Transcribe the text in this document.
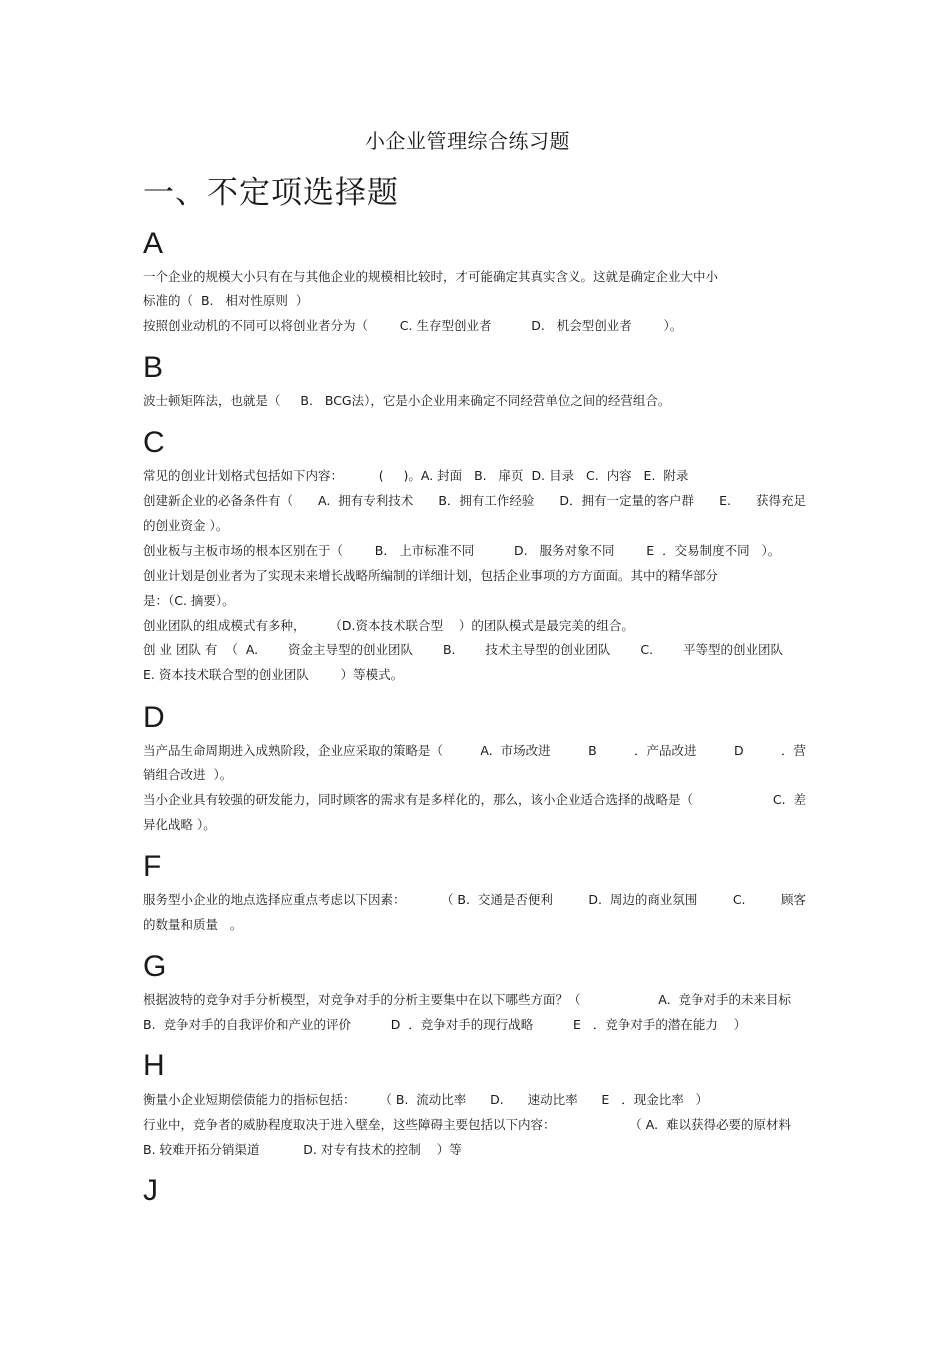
小企业管理综合练习题
一、不定项选择题
A
一个企业的规模大小只有在与其他企业的规模相比较时，才可能确定其真实含义。这就是确定企业大中小
标准的（  B.   相对性原则  ）
按照创业动机的不同可以将创业者分为（        C. 生存型创业者          D.   机会型创业者        ）。
B
波士顿矩阵法，也就是（     B.   BCG法），它是小企业用来确定不同经营单位之间的经营组合。
C
常见的创业计划格式包括如下内容：         (     )。A. 封面   B.   扉页  D. 目录   C.  内容   E.  附录
创建新企业的必备条件有（ A.  拥有专利技术 B．拥有工作经验 D．拥有一定量的客户群 E. 获得充足
的创业资金 ）。
创业板与主板市场的根本区别在于（        B.   上市标准不同          D.   服务对象不同        E  ．交易制度不同   ）。
创业计划是创业者为了实现未来增长战略所编制的详细计划，包括企业事项的方方面面。其中的精华部分
是：（C. 摘要）。
创业团队的组成模式有多种，      （D.资本技术联合型    ）的团队模式是最完美的组合。
创 业 团队 有  （  A. 资金主导型的创业团队 B. 技术主导型的创业团队 C. 平等型的创业团队
E. 资本技术联合型的创业团队        ）等模式。
D
当产品生命周期进入成熟阶段，企业应采取的策略是（	A.  市场改进	B	．产品改进	D	．营
销组合改进  ）。
当小企业具有较强的研发能力，同时顾客的需求有是多样化的，那么，该小企业适合选择的战略是（	C.  差
异化战略 ）。
F
服务型小企业的地点选择应重点考虑以下因素：	（ B.  交通是否便利	D.  周边的商业氛围	C.	顾客
的数量和质量   。
G
根据波特的竞争对手分析模型，对竞争对手的分析主要集中在以下哪些方面？（	A.  竞争对手的未来目标
B.  竞争对手的自我评价和产业的评价          D  ．竞争对手的现行战略          E   ．竞争对手的潜在能力    ）
H
衡量小企业短期偿债能力的指标包括：      （ B.  流动比率      D.      速动比率      E   ．现金比率   ）
行业中，竞争者的威胁程度取决于进入壁垒，这些障碍主要包括以下内容：	（ A.  难以获得必要的原材料
B. 较难开拓分销渠道           D. 对专有技术的控制    ）等
J
